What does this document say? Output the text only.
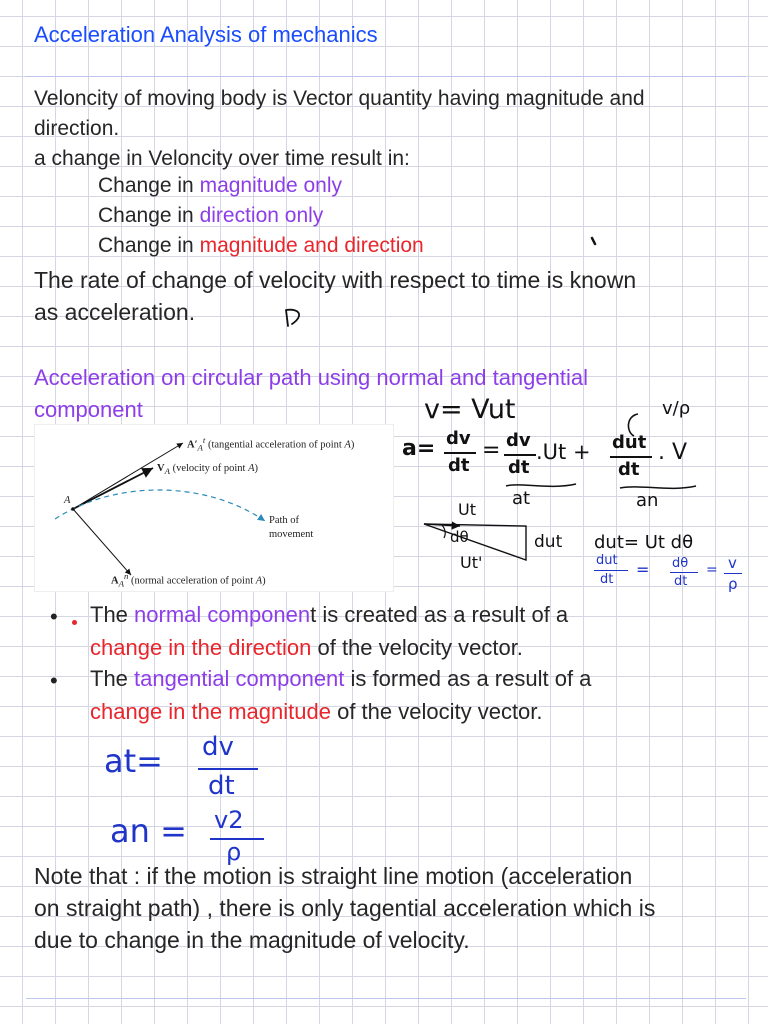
Acceleration Analysis of mechanics
Veloncity of moving body is Vector quantity having magnitude and
direction.
a change in Veloncity over time result in:
Change in magnitude only
Change in direction only
Change in magnitude and direction
The rate of change of velocity with respect to time is known
as acceleration.
Acceleration on circular path using normal and tangential
component
A
$A'_A^t$ (tangential acceleration of point A)
$V_A$ (velocity of point A)
Path of
movement
$A_A^n$ (normal acceleration of point A)
v= Vut	v/ρ
a= dv
dt
= dv
dt
.Ut + dut
dt
. V
at	an
Ut
dθ
Ut'
dut dut= Ut dθ
dut
dt
= dθ
dt
= v
ρ
• The normal component is created as a result of a
change in the direction of the velocity vector.
• The tangential component is formed as a result of a
change in the magnitude of the velocity vector.
at= dv
dt
an = v2
ρ
Note that : if the motion is straight line motion (acceleration
on straight path) , there is only tagential acceleration which is
due to change in the magnitude of velocity.
